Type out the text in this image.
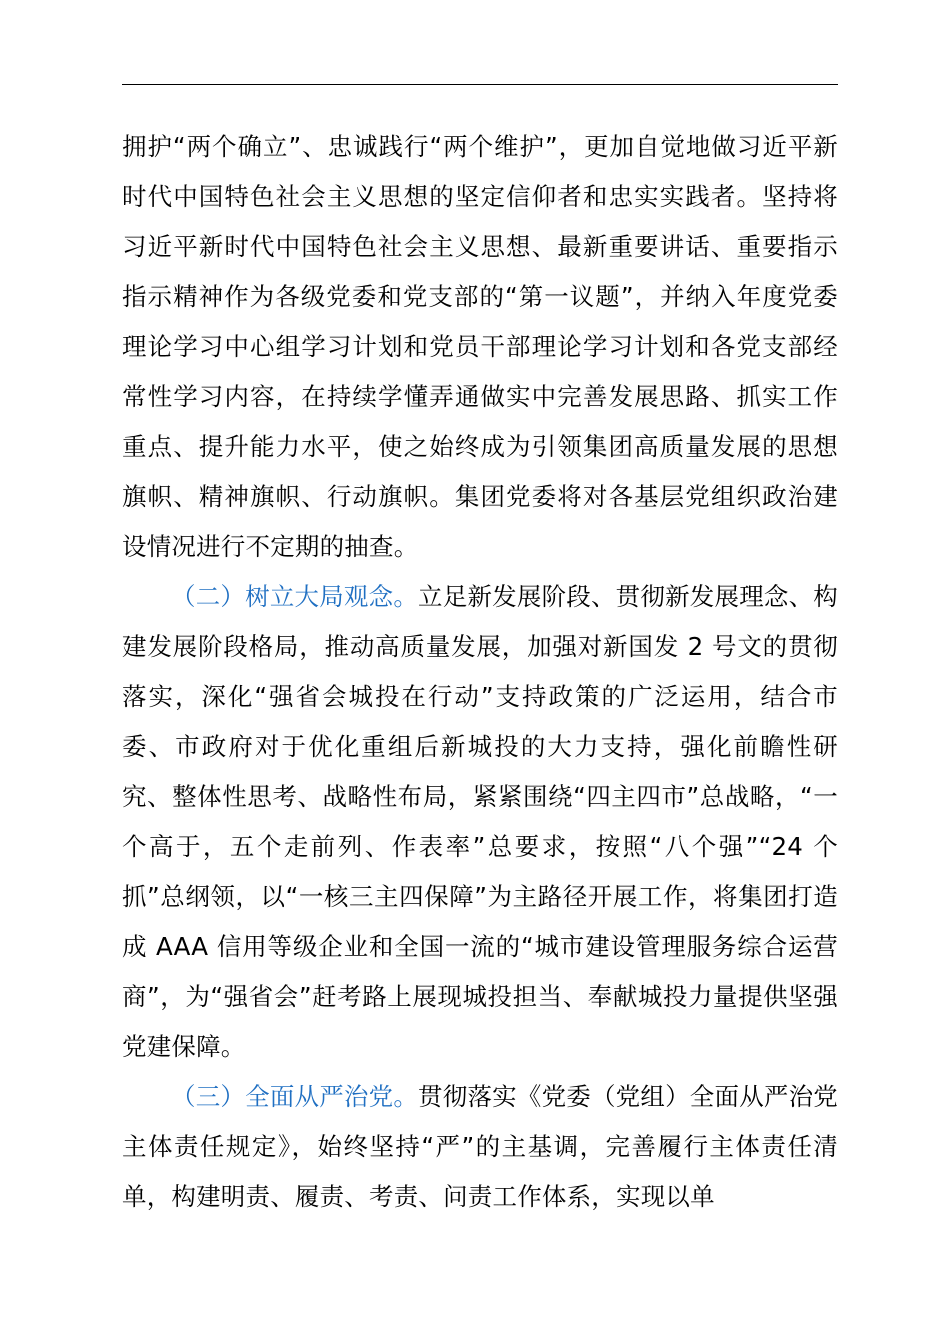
拥护“两个确立”、忠诚践行“两个维护”，更加自觉地做习近平新时代中国特色社会主义思想的坚定信仰者和忠实实践者。坚持将习近平新时代中国特色社会主义思想、最新重要讲话、重要指示指示精神作为各级党委和党支部的“第一议题”，并纳入年度党委理论学习中心组学习计划和党员干部理论学习计划和各党支部经常性学习内容，在持续学懂弄通做实中完善发展思路、抓实工作重点、提升能力水平，使之始终成为引领集团高质量发展的思想旗帜、精神旗帜、行动旗帜。集团党委将对各基层党组织政治建设情况进行不定期的抽查。

（二）树立大局观念。立足新发展阶段、贯彻新发展理念、构建发展阶段格局，推动高质量发展，加强对新国发 2 号文的贯彻落实，深化“强省会城投在行动”支持政策的广泛运用，结合市委、市政府对于优化重组后新城投的大力支持，强化前瞻性研究、整体性思考、战略性布局，紧紧围绕“四主四市”总战略，“一个高于，五个走前列、作表率”总要求，按照“八个强”“24 个抓”总纲领，以“一核三主四保障”为主路径开展工作，将集团打造成 AAA 信用等级企业和全国一流的“城市建设管理服务综合运营商”，为“强省会”赶考路上展现城投担当、奉献城投力量提供坚强党建保障。

（三）全面从严治党。贯彻落实《党委（党组）全面从严治党主体责任规定》，始终坚持“严”的主基调，完善履行主体责任清单，构建明责、履责、考责、问责工作体系，实现以单
